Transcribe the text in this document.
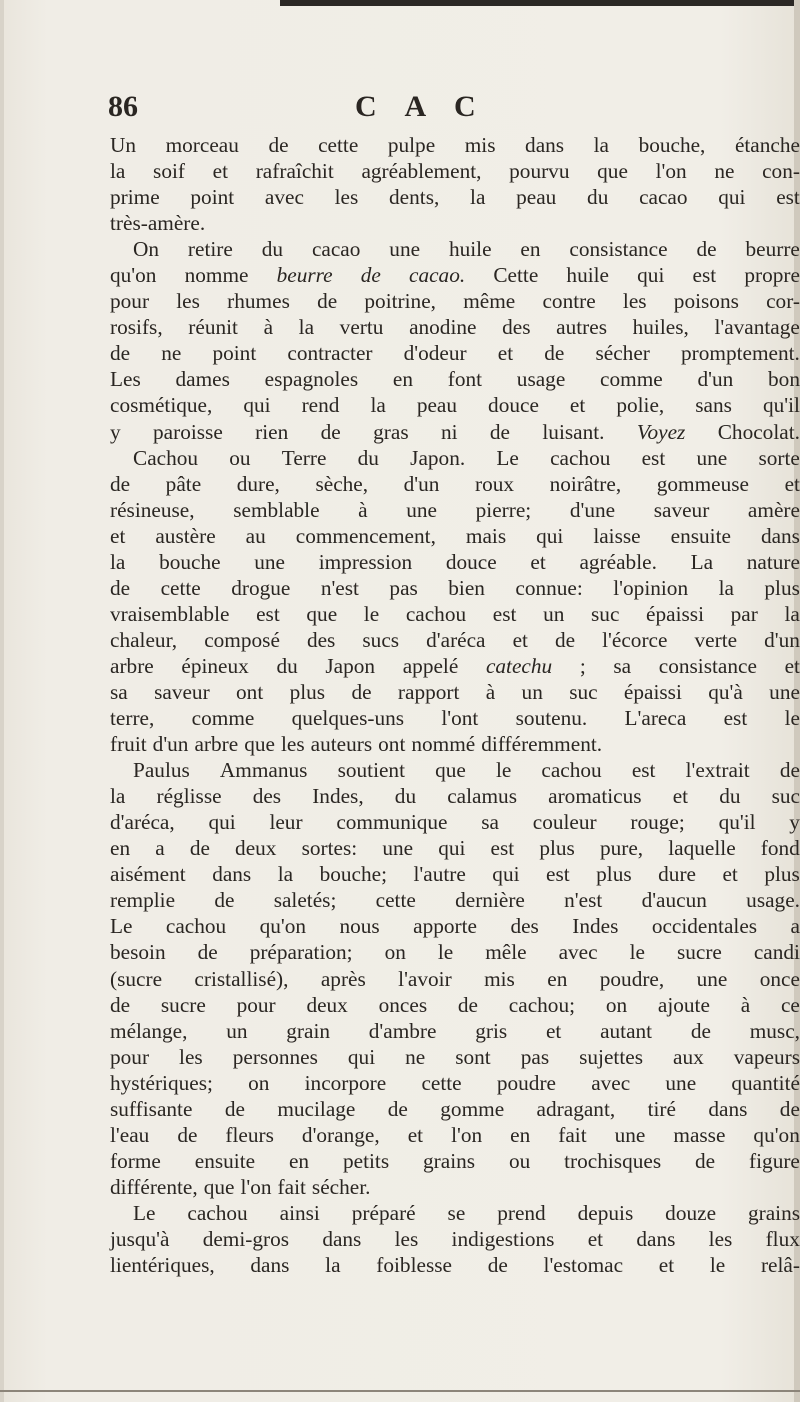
86	C A C
Un morceau de cette pulpe mis dans la bouche, étanche
la soif et rafraîchit agréablement, pourvu que l'on ne con-
prime point avec les dents, la peau du cacao qui est
très-amère.
On retire du cacao une huile en consistance de beurre
qu'on nomme beurre de cacao. Cette huile qui est propre
pour les rhumes de poitrine, même contre les poisons cor-
rosifs, réunit à la vertu anodine des autres huiles, l'avantage
de ne point contracter d'odeur et de sécher promptement.
Les dames espagnoles en font usage comme d'un bon
cosmétique, qui rend la peau douce et polie, sans qu'il
y paroisse rien de gras ni de luisant. Voyez Chocolat.
Cachou ou Terre du Japon. Le cachou est une sorte
de pâte dure, sèche, d'un roux noirâtre, gommeuse et
résineuse, semblable à une pierre; d'une saveur amère
et austère au commencement, mais qui laisse ensuite dans
la bouche une impression douce et agréable. La nature
de cette drogue n'est pas bien connue: l'opinion la plus
vraisemblable est que le cachou est un suc épaissi par la
chaleur, composé des sucs d'aréca et de l'écorce verte d'un
arbre épineux du Japon appelé catechu ; sa consistance et
sa saveur ont plus de rapport à un suc épaissi qu'à une
terre, comme quelques-uns l'ont soutenu. L'areca est le
fruit d'un arbre que les auteurs ont nommé différemment.
Paulus Ammanus soutient que le cachou est l'extrait de
la réglisse des Indes, du calamus aromaticus et du suc
d'aréca, qui leur communique sa couleur rouge; qu'il y
en a de deux sortes: une qui est plus pure, laquelle fond
aisément dans la bouche; l'autre qui est plus dure et plus
remplie de saletés; cette dernière n'est d'aucun usage.
Le cachou qu'on nous apporte des Indes occidentales a
besoin de préparation; on le mêle avec le sucre candi
(sucre cristallisé), après l'avoir mis en poudre, une once
de sucre pour deux onces de cachou; on ajoute à ce
mélange, un grain d'ambre gris et autant de musc,
pour les personnes qui ne sont pas sujettes aux vapeurs
hystériques; on incorpore cette poudre avec une quantité
suffisante de mucilage de gomme adragant, tiré dans de
l'eau de fleurs d'orange, et l'on en fait une masse qu'on
forme ensuite en petits grains ou trochisques de figure
différente, que l'on fait sécher.
Le cachou ainsi préparé se prend depuis douze grains
jusqu'à demi-gros dans les indigestions et dans les flux
lientériques, dans la foiblesse de l'estomac et le relâ-
